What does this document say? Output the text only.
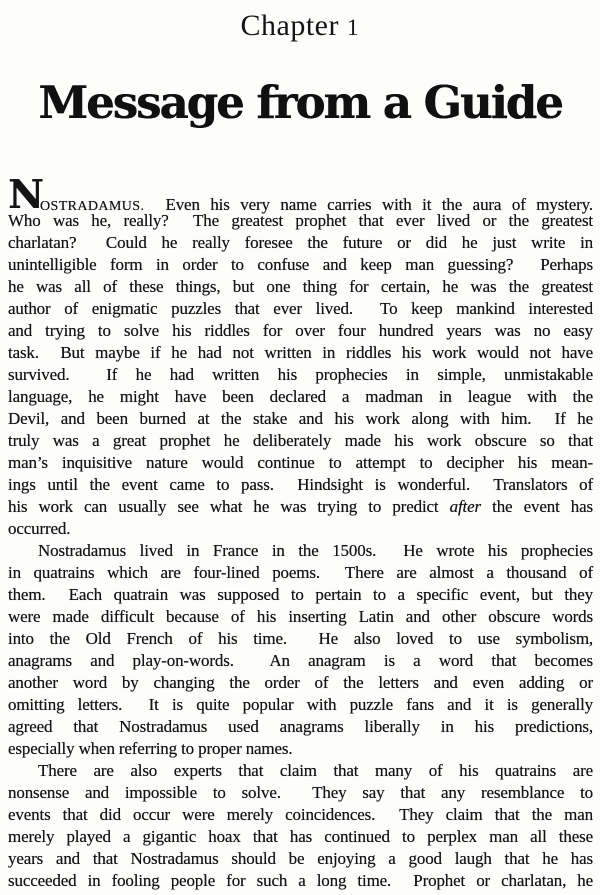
Chapter 1
Message from a Guide
N
OSTRADAMUS.  Even his very name carries with it the aura of mystery.
Who was he, really?  The greatest prophet that ever lived or the greatest
charlatan?  Could he really foresee the future or did he just write in
unintelligible form in order to confuse and keep man guessing?  Perhaps
he was all of these things, but one thing for certain, he was the greatest
author of enigmatic puzzles that ever lived.  To keep mankind interested
and trying to solve his riddles for over four hundred years was no easy
task.  But maybe if he had not written in riddles his work would not have
survived.  If he had written his prophecies in simple, unmistakable
language, he might have been declared a madman in league with the
Devil, and been burned at the stake and his work along with him.  If he
truly was a great prophet he deliberately made his work obscure so that
man’s inquisitive nature would continue to attempt to decipher his mean-
ings until the event came to pass.  Hindsight is wonderful.  Translators of
his work can usually see what he was trying to predict after the event has
occurred.
Nostradamus lived in France in the 1500s.  He wrote his prophecies
in quatrains which are four-lined poems.  There are almost a thousand of
them.  Each quatrain was supposed to pertain to a specific event, but they
were made difficult because of his inserting Latin and other obscure words
into the Old French of his time.  He also loved to use symbolism,
anagrams and play-on-words.  An anagram is a word that becomes
another word by changing the order of the letters and even adding or
omitting letters.  It is quite popular with puzzle fans and it is generally
agreed that Nostradamus used anagrams liberally in his predictions,
especially when referring to proper names.
There are also experts that claim that many of his quatrains are
nonsense and impossible to solve.  They say that any resemblance to
events that did occur were merely coincidences.  They claim that the man
merely played a gigantic hoax that has continued to perplex man all these
years and that Nostradamus should be enjoying a good laugh that he has
succeeded in fooling people for such a long time.  Prophet or charlatan, he
